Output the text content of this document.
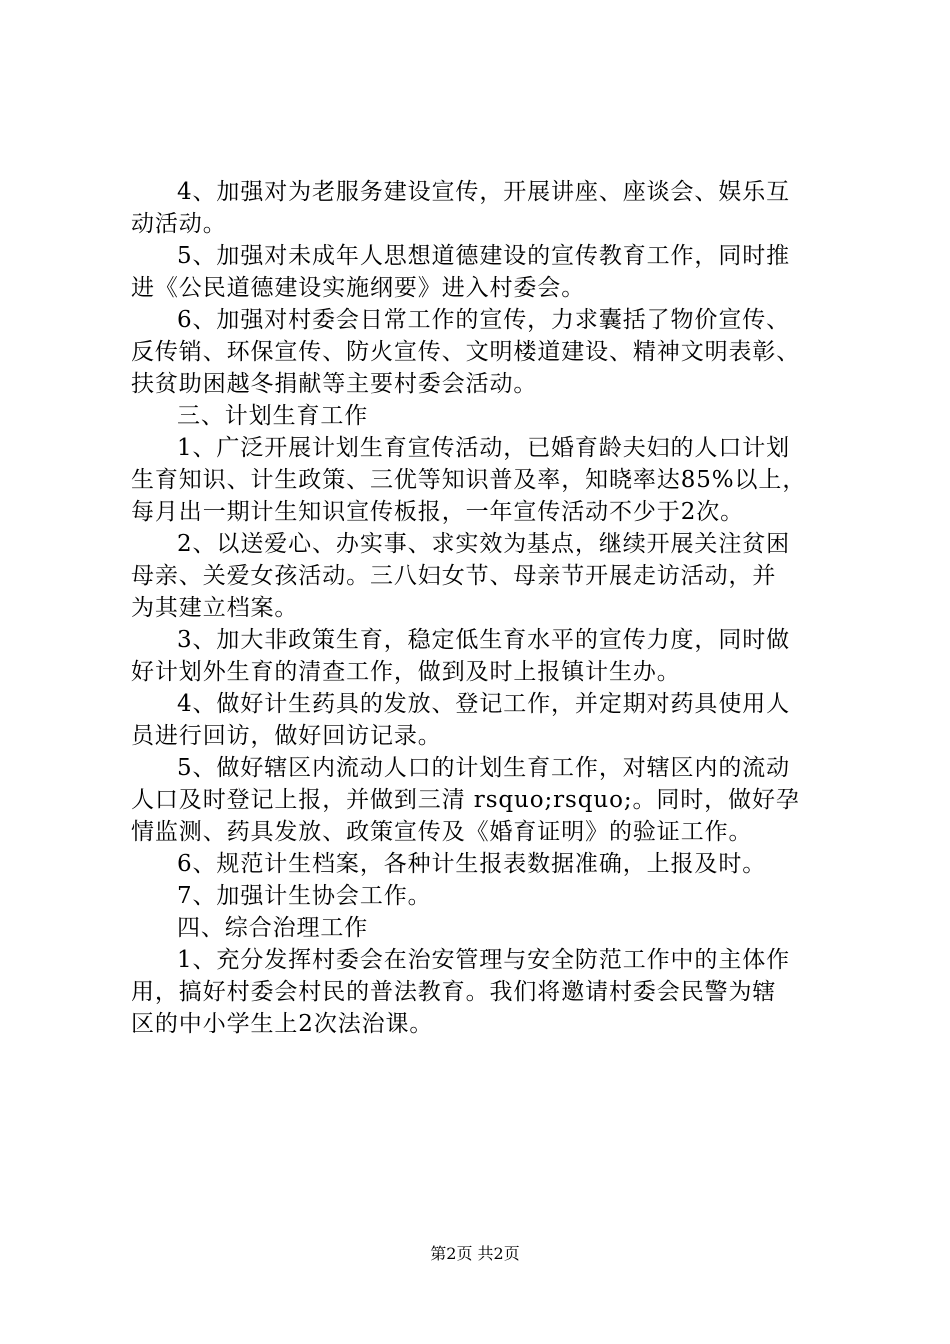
4、加强对为老服务建设宣传，开展讲座、座谈会、娱乐互
动活动。
5、加强对未成年人思想道德建设的宣传教育工作，同时推
进《公民道德建设实施纲要》进入村委会。
6、加强对村委会日常工作的宣传，力求囊括了物价宣传、
反传销、环保宣传、防火宣传、文明楼道建设、精神文明表彰、
扶贫助困越冬捐献等主要村委会活动。
三、计划生育工作
1、广泛开展计划生育宣传活动，已婚育龄夫妇的人口计划
生育知识、计生政策、三优等知识普及率，知晓率达85%以上，
每月出一期计生知识宣传板报，一年宣传活动不少于2次。
2、以送爱心、办实事、求实效为基点，继续开展关注贫困
母亲、关爱女孩活动。三八妇女节、母亲节开展走访活动，并
为其建立档案。
3、加大非政策生育，稳定低生育水平的宣传力度，同时做
好计划外生育的清查工作，做到及时上报镇计生办。
4、做好计生药具的发放、登记工作，并定期对药具使用人
员进行回访，做好回访记录。
5、做好辖区内流动人口的计划生育工作，对辖区内的流动
人口及时登记上报，并做到三清 rsquo;rsquo;。同时，做好孕
情监测、药具发放、政策宣传及《婚育证明》的验证工作。
6、规范计生档案，各种计生报表数据准确，上报及时。
7、加强计生协会工作。
四、综合治理工作
1、充分发挥村委会在治安管理与安全防范工作中的主体作
用，搞好村委会村民的普法教育。我们将邀请村委会民警为辖
区的中小学生上2次法治课。
第2页 共2页
